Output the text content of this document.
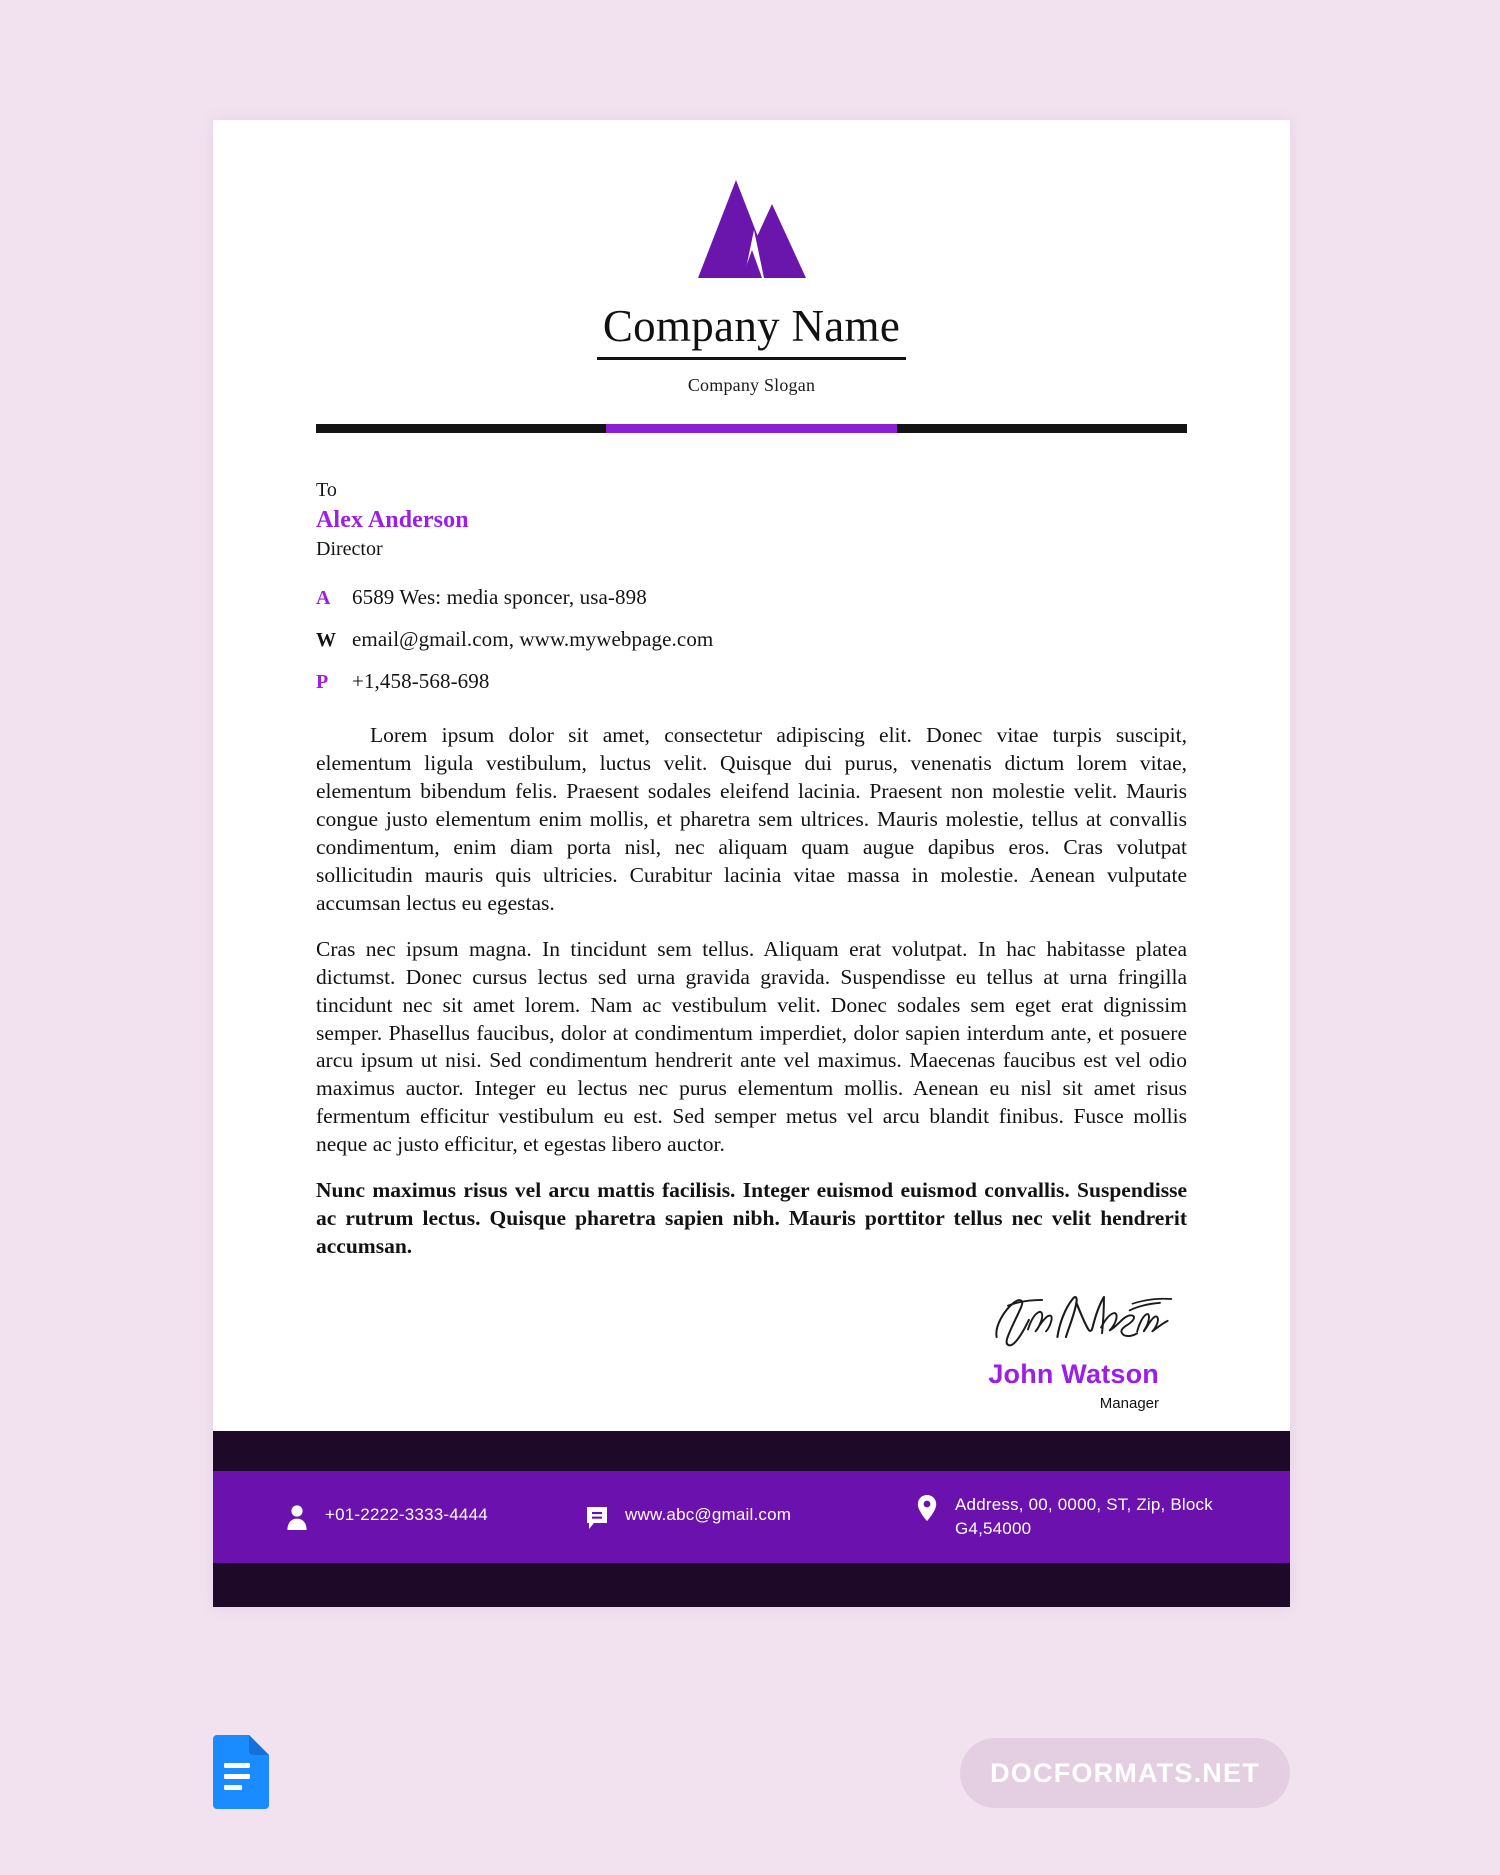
Company Name
Company Slogan
To
Alex Anderson
Director
A	6589 Wes: media sponcer, usa-898
W email@gmail.com, www.mywebpage.com
P	+1,458-568-698

Lorem ipsum dolor sit amet, consectetur adipiscing elit. Donec vitae turpis suscipit, elementum ligula vestibulum, luctus velit. Quisque dui purus, venenatis dictum lorem vitae, elementum bibendum felis. Praesent sodales eleifend lacinia. Praesent non molestie velit. Mauris congue justo elementum enim mollis, et pharetra sem ultrices. Mauris molestie, tellus at convallis condimentum, enim diam porta nisl, nec aliquam quam augue dapibus eros. Cras volutpat sollicitudin mauris quis ultricies. Curabitur lacinia vitae massa in molestie. Aenean vulputate accumsan lectus eu egestas.

Cras nec ipsum magna. In tincidunt sem tellus. Aliquam erat volutpat. In hac habitasse platea dictumst. Donec cursus lectus sed urna gravida gravida. Suspendisse eu tellus at urna fringilla tincidunt nec sit amet lorem. Nam ac vestibulum velit. Donec sodales sem eget erat dignissim semper. Phasellus faucibus, dolor at condimentum imperdiet, dolor sapien interdum ante, et posuere arcu ipsum ut nisi. Sed condimentum hendrerit ante vel maximus. Maecenas faucibus est vel odio maximus auctor. Integer eu lectus nec purus elementum mollis. Aenean eu nisl sit amet risus fermentum efficitur vestibulum eu est. Sed semper metus vel arcu blandit finibus. Fusce mollis neque ac justo efficitur, et egestas libero auctor.

Nunc maximus risus vel arcu mattis facilisis. Integer euismod euismod convallis. Suspendisse ac rutrum lectus. Quisque pharetra sapien nibh. Mauris porttitor tellus nec velit hendrerit accumsan.

John Watson
Manager
+01-2222-3333-4444	www.abc@gmail.com
Address, 00, 0000, ST, Zip, Block G4,54000
DOCFORMATS.NET
